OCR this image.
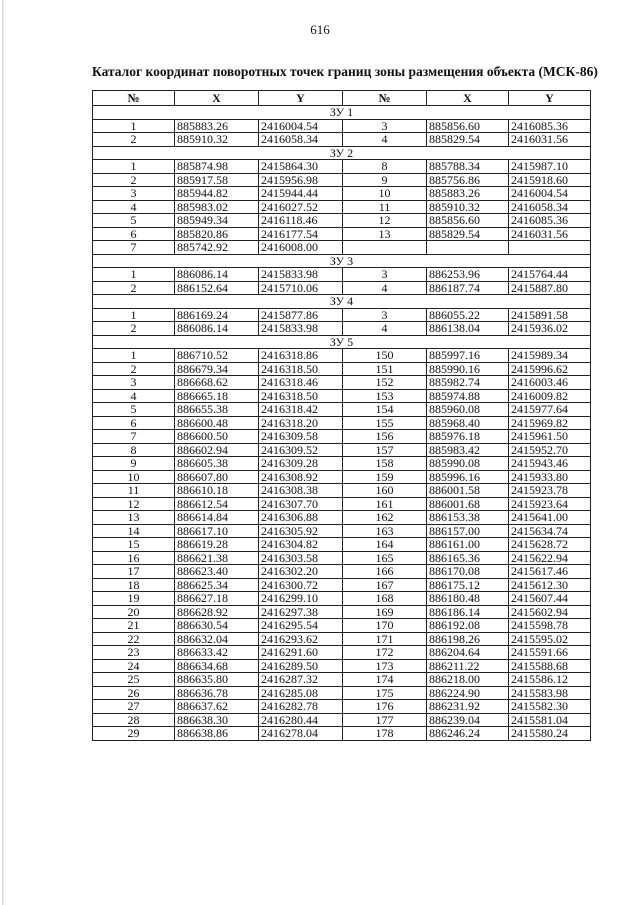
616
Каталог координат поворотных точек границ зоны размещения объекта (МСК-86)
№	X	Y	№	X	Y
ЗУ 1					
1	885883.26	2416004.54	3	885856.60	2416085.36
2	885910.32	2416058.34	4	885829.54	2416031.56
ЗУ 2					
1	885874.98	2415864.30	8	885788.34	2415987.10
2	885917.58	2415956.98	9	885756.86	2415918.60
3	885944.82	2415944.44	10	885883.26	2416004.54
4	885983.02	2416027.52	11	885910.32	2416058.34
5	885949.34	2416118.46	12	885856.60	2416085.36
6	885820.86	2416177.54	13	885829.54	2416031.56
7	885742.92	2416008.00			
ЗУ 3					
1	886086.14	2415833.98	3	886253.96	2415764.44
2	886152.64	2415710.06	4	886187.74	2415887.80
ЗУ 4					
1	886169.24	2415877.86	3	886055.22	2415891.58
2	886086.14	2415833.98	4	886138.04	2415936.02
ЗУ 5					
1	886710.52	2416318.86	150	885997.16	2415989.34
2	886679.34	2416318.50	151	885990.16	2415996.62
3	886668.62	2416318.46	152	885982.74	2416003.46
4	886665.18	2416318.50	153	885974.88	2416009.82
5	886655.38	2416318.42	154	885960.08	2415977.64
6	886600.48	2416318.20	155	885968.40	2415969.82
7	886600.50	2416309.58	156	885976.18	2415961.50
8	886602.94	2416309.52	157	885983.42	2415952.70
9	886605.38	2416309.28	158	885990.08	2415943.46
10	886607.80	2416308.92	159	885996.16	2415933.80
11	886610.18	2416308.38	160	886001.58	2415923.78
12	886612.54	2416307.70	161	886001.68	2415923.64
13	886614.84	2416306.88	162	886153.38	2415641.00
14	886617.10	2416305.92	163	886157.00	2415634.74
15	886619.28	2416304.82	164	886161.00	2415628.72
16	886621.38	2416303.58	165	886165.36	2415622.94
17	886623.40	2416302.20	166	886170.08	2415617.46
18	886625.34	2416300.72	167	886175.12	2415612.30
19	886627.18	2416299.10	168	886180.48	2415607.44
20	886628.92	2416297.38	169	886186.14	2415602.94
21	886630.54	2416295.54	170	886192.08	2415598.78
22	886632.04	2416293.62	171	886198.26	2415595.02
23	886633.42	2416291.60	172	886204.64	2415591.66
24	886634.68	2416289.50	173	886211.22	2415588.68
25	886635.80	2416287.32	174	886218.00	2415586.12
26	886636.78	2416285.08	175	886224.90	2415583.98
27	886637.62	2416282.78	176	886231.92	2415582.30
28	886638.30	2416280.44	177	886239.04	2415581.04
29	886638.86	2416278.04	178	886246.24	2415580.24
